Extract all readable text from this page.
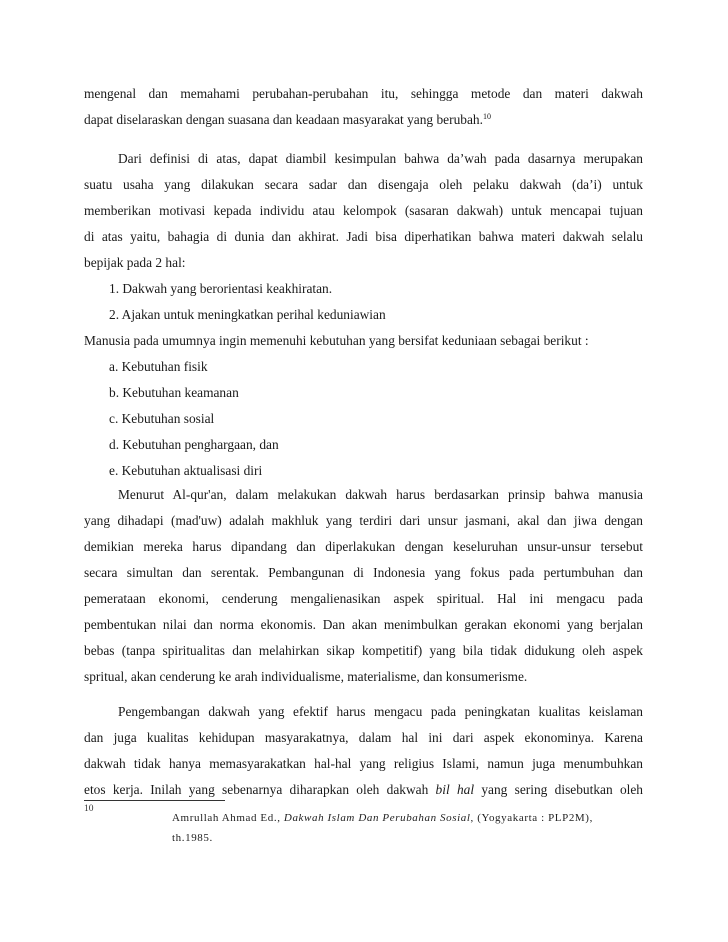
mengenal dan memahami perubahan-perubahan itu, sehingga metode dan materi dakwah
dapat diselaraskan dengan suasana dan keadaan masyarakat yang berubah.$^{10}$
Dari definisi di atas, dapat diambil kesimpulan bahwa da’wah pada dasarnya merupakan
suatu usaha yang dilakukan secara sadar dan disengaja oleh pelaku dakwah (da’i) untuk
memberikan motivasi kepada individu atau kelompok (sasaran dakwah) untuk mencapai tujuan
di atas yaitu, bahagia di dunia dan akhirat. Jadi bisa diperhatikan bahwa materi dakwah selalu
bepijak pada 2 hal:
1. Dakwah yang berorientasi keakhiratan.
2. Ajakan untuk meningkatkan perihal keduniawian
Manusia pada umumnya ingin memenuhi kebutuhan yang bersifat keduniaan sebagai berikut :
a. Kebutuhan fisik
b. Kebutuhan keamanan
c. Kebutuhan sosial
d. Kebutuhan penghargaan, dan
e. Kebutuhan aktualisasi diri
Menurut Al-qur'an, dalam melakukan dakwah harus berdasarkan prinsip bahwa manusia
yang dihadapi (mad'uw) adalah makhluk yang terdiri dari unsur jasmani, akal dan jiwa dengan
demikian mereka harus dipandang dan diperlakukan dengan keseluruhan unsur-unsur tersebut
secara simultan dan serentak. Pembangunan di Indonesia yang fokus pada pertumbuhan dan
pemerataan ekonomi, cenderung mengalienasikan aspek spiritual. Hal ini mengacu pada
pembentukan nilai dan norma ekonomis. Dan akan menimbulkan gerakan ekonomi yang berjalan
bebas (tanpa spiritualitas dan melahirkan sikap kompetitif) yang bila tidak didukung oleh aspek
spritual, akan cenderung ke arah individualisme, materialisme, dan konsumerisme.
Pengembangan dakwah yang efektif harus mengacu pada peningkatan kualitas keislaman
dan juga kualitas kehidupan masyarakatnya, dalam hal ini dari aspek ekonominya. Karena
dakwah tidak hanya memasyarakatkan hal-hal yang religius Islami, namun juga menumbuhkan
etos kerja. Inilah yang sebenarnya diharapkan oleh dakwah bil hal yang sering disebutkan oleh
10
Amrullah Ahmad Ed., Dakwah Islam Dan Perubahan Sosial, (Yogyakarta : PLP2M),
th.1985.
